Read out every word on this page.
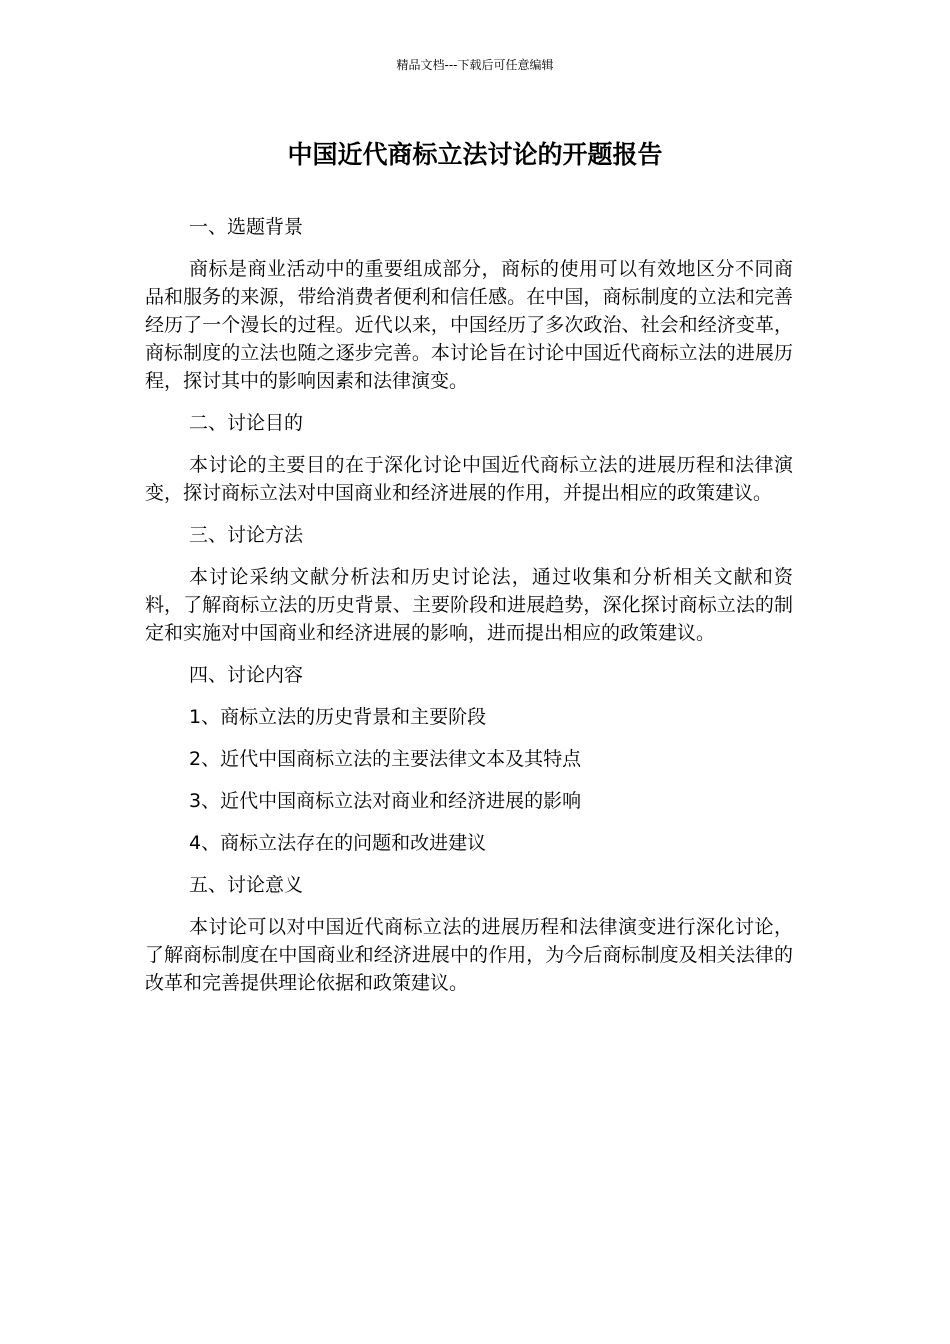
精品文档---下载后可任意编辑
中国近代商标立法讨论的开题报告
一、选题背景
商标是商业活动中的重要组成部分，商标的使用可以有效地区分不同商品和服务的来源，带给消费者便利和信任感。在中国，商标制度的立法和完善经历了一个漫长的过程。近代以来，中国经历了多次政治、社会和经济变革，商标制度的立法也随之逐步完善。本讨论旨在讨论中国近代商标立法的进展历程，探讨其中的影响因素和法律演变。
二、讨论目的
本讨论的主要目的在于深化讨论中国近代商标立法的进展历程和法律演变，探讨商标立法对中国商业和经济进展的作用，并提出相应的政策建议。
三、讨论方法
本讨论采纳文献分析法和历史讨论法，通过收集和分析相关文献和资料，了解商标立法的历史背景、主要阶段和进展趋势，深化探讨商标立法的制定和实施对中国商业和经济进展的影响，进而提出相应的政策建议。
四、讨论内容
1、商标立法的历史背景和主要阶段
2、近代中国商标立法的主要法律文本及其特点
3、近代中国商标立法对商业和经济进展的影响
4、商标立法存在的问题和改进建议
五、讨论意义
本讨论可以对中国近代商标立法的进展历程和法律演变进行深化讨论，了解商标制度在中国商业和经济进展中的作用，为今后商标制度及相关法律的改革和完善提供理论依据和政策建议。
